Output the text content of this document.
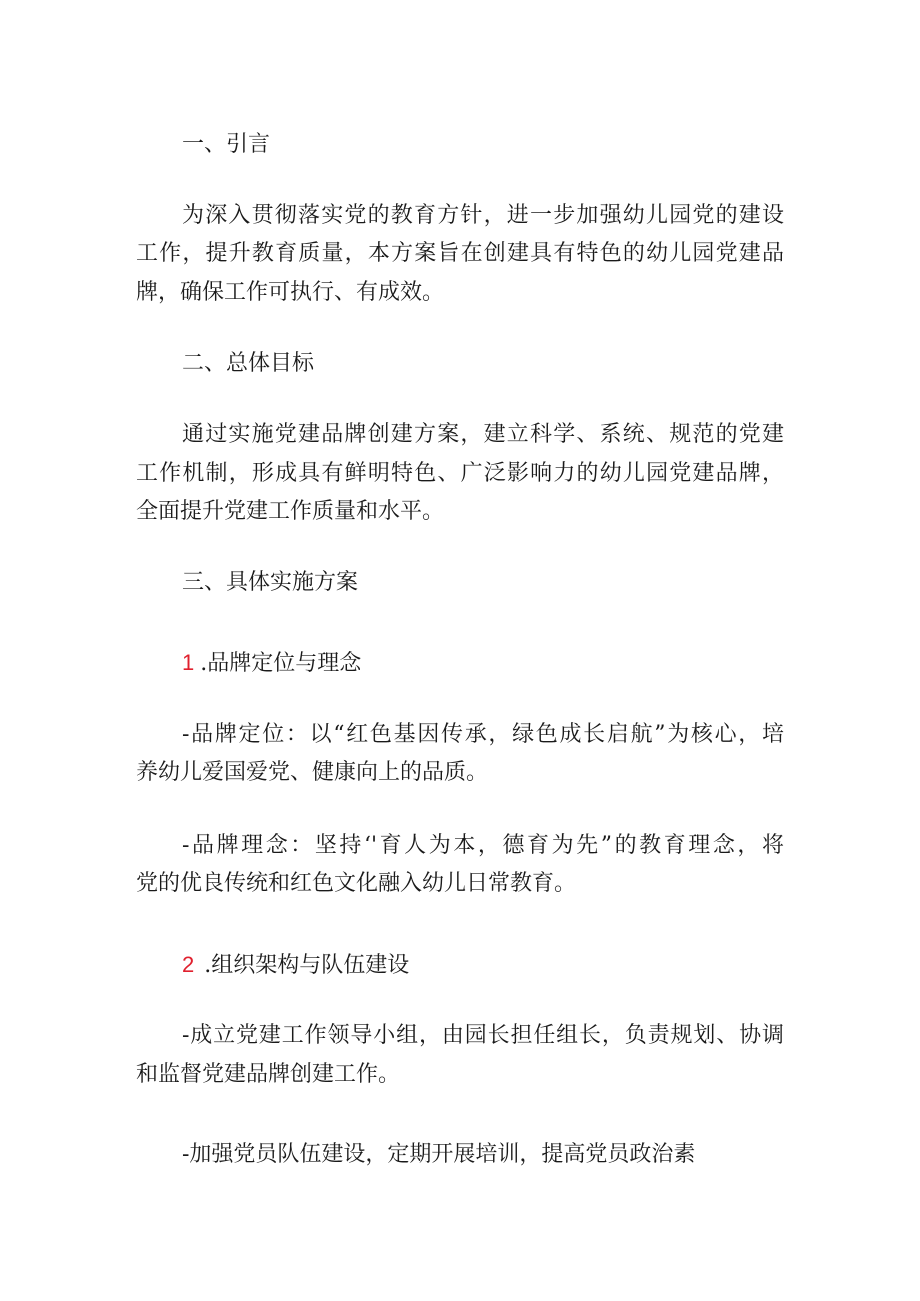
一、引言
为深入贯彻落实党的教育方针，进一步加强幼儿园党的建设
工作，提升教育质量，本方案旨在创建具有特色的幼儿园党建品
牌，确保工作可执行、有成效。
二、总体目标
通过实施党建品牌创建方案，建立科学、系统、规范的党建
工作机制，形成具有鲜明特色、广泛影响力的幼儿园党建品牌，
全面提升党建工作质量和水平。
三、具体实施方案
1 .品牌定位与理念
-品牌定位：以“红色基因传承，绿色成长启航”为核心，培
养幼儿爱国爱党、健康向上的品质。
-品牌理念：坚持‘'育人为本，德育为先”的教育理念，将
党的优良传统和红色文化融入幼儿日常教育。
2 .组织架构与队伍建设
-成立党建工作领导小组，由园长担任组长，负责规划、协调
和监督党建品牌创建工作。
-加强党员队伍建设，定期开展培训，提高党员政治素
